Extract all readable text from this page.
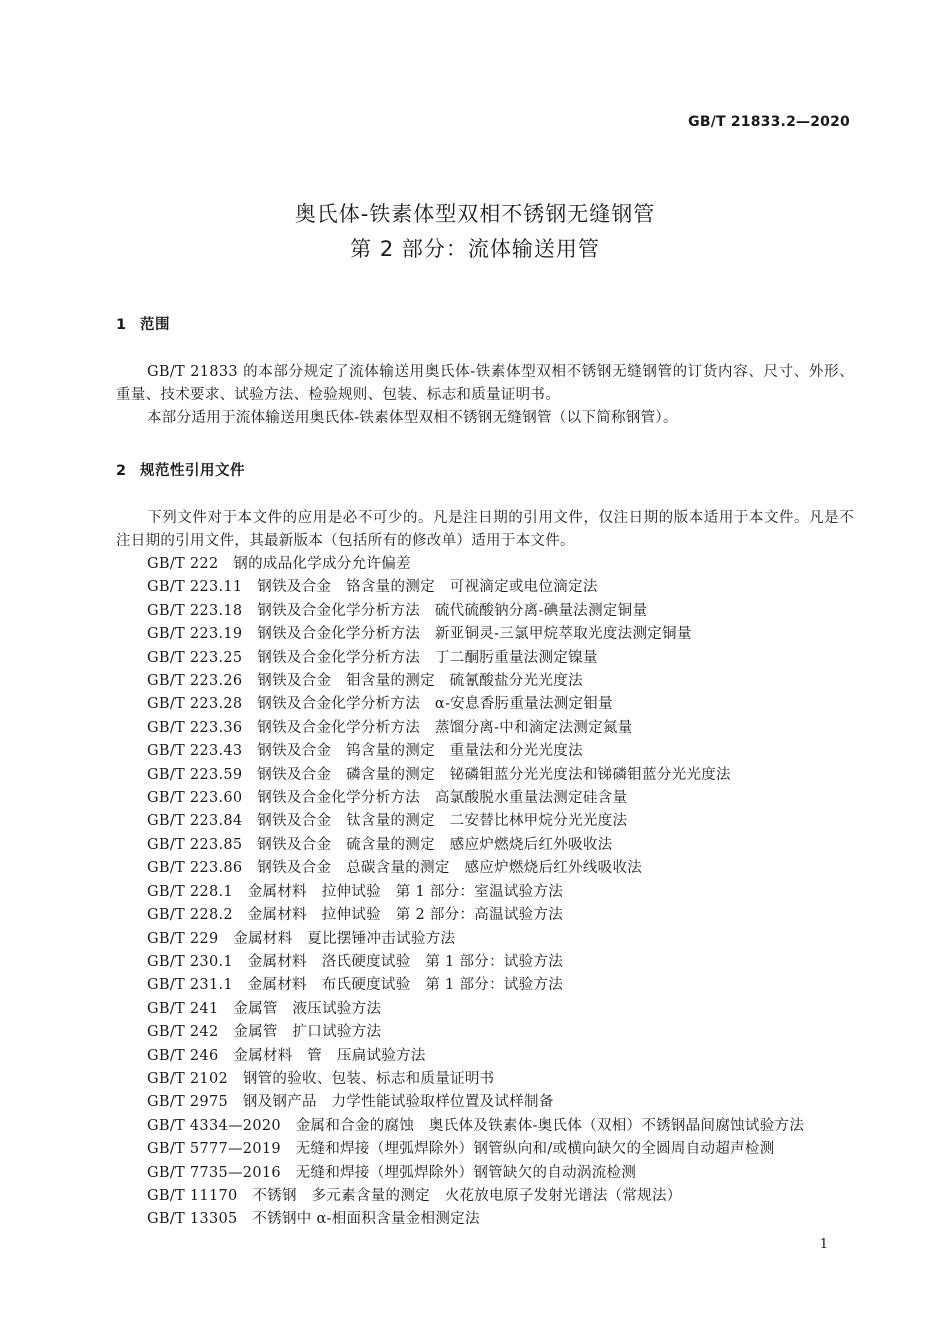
GB/T 21833.2—2020
奥氏体-铁素体型双相不锈钢无缝钢管
第 2 部分：流体输送用管
1 范围
GB/T 21833 的本部分规定了流体输送用奥氏体-铁素体型双相不锈钢无缝钢管的订货内容、尺寸、外形、重量、技术要求、试验方法、检验规则、包装、标志和质量证明书。
本部分适用于流体输送用奥氏体-铁素体型双相不锈钢无缝钢管（以下简称钢管）。
2 规范性引用文件
下列文件对于本文件的应用是必不可少的。凡是注日期的引用文件，仅注日期的版本适用于本文件。凡是不注日期的引用文件，其最新版本（包括所有的修改单）适用于本文件。
GB/T 222　 钢的成品化学成分允许偏差
GB/T 223.11　 钢铁及合金　铬含量的测定　可视滴定或电位滴定法
GB/T 223.18　 钢铁及合金化学分析方法　硫代硫酸钠分离-碘量法测定铜量
GB/T 223.19　 钢铁及合金化学分析方法　新亚铜灵-三氯甲烷萃取光度法测定铜量
GB/T 223.25　 钢铁及合金化学分析方法　丁二酮肟重量法测定镍量
GB/T 223.26　 钢铁及合金　钼含量的测定　硫氰酸盐分光光度法
GB/T 223.28　 钢铁及合金化学分析方法　α-安息香肟重量法测定钼量
GB/T 223.36　 钢铁及合金化学分析方法　蒸馏分离-中和滴定法测定氮量
GB/T 223.43　 钢铁及合金　钨含量的测定　重量法和分光光度法
GB/T 223.59　 钢铁及合金　磷含量的测定　铋磷钼蓝分光光度法和锑磷钼蓝分光光度法
GB/T 223.60　 钢铁及合金化学分析方法　高氯酸脱水重量法测定硅含量
GB/T 223.84　 钢铁及合金　钛含量的测定　二安替比林甲烷分光光度法
GB/T 223.85　 钢铁及合金　硫含量的测定　感应炉燃烧后红外吸收法
GB/T 223.86　 钢铁及合金　总碳含量的测定　感应炉燃烧后红外线吸收法
GB/T 228.1　 金属材料　拉伸试验　第 1 部分：室温试验方法
GB/T 228.2　 金属材料　拉伸试验　第 2 部分：高温试验方法
GB/T 229　 金属材料　夏比摆锤冲击试验方法
GB/T 230.1　 金属材料　洛氏硬度试验　第 1 部分：试验方法
GB/T 231.1　 金属材料　布氏硬度试验　第 1 部分：试验方法
GB/T 241　 金属管　液压试验方法
GB/T 242　 金属管　扩口试验方法
GB/T 246　 金属材料　管　压扁试验方法
GB/T 2102　 钢管的验收、包装、标志和质量证明书
GB/T 2975　 钢及钢产品　力学性能试验取样位置及试样制备
GB/T 4334—2020　 金属和合金的腐蚀　奥氏体及铁素体-奥氏体（双相）不锈钢晶间腐蚀试验方法
GB/T 5777—2019　 无缝和焊接（埋弧焊除外）钢管纵向和/或横向缺欠的全圆周自动超声检测
GB/T 7735—2016　 无缝和焊接（埋弧焊除外）钢管缺欠的自动涡流检测
GB/T 11170　 不锈钢　多元素含量的测定　火花放电原子发射光谱法（常规法）
GB/T 13305　 不锈钢中 α-相面积含量金相测定法
1
